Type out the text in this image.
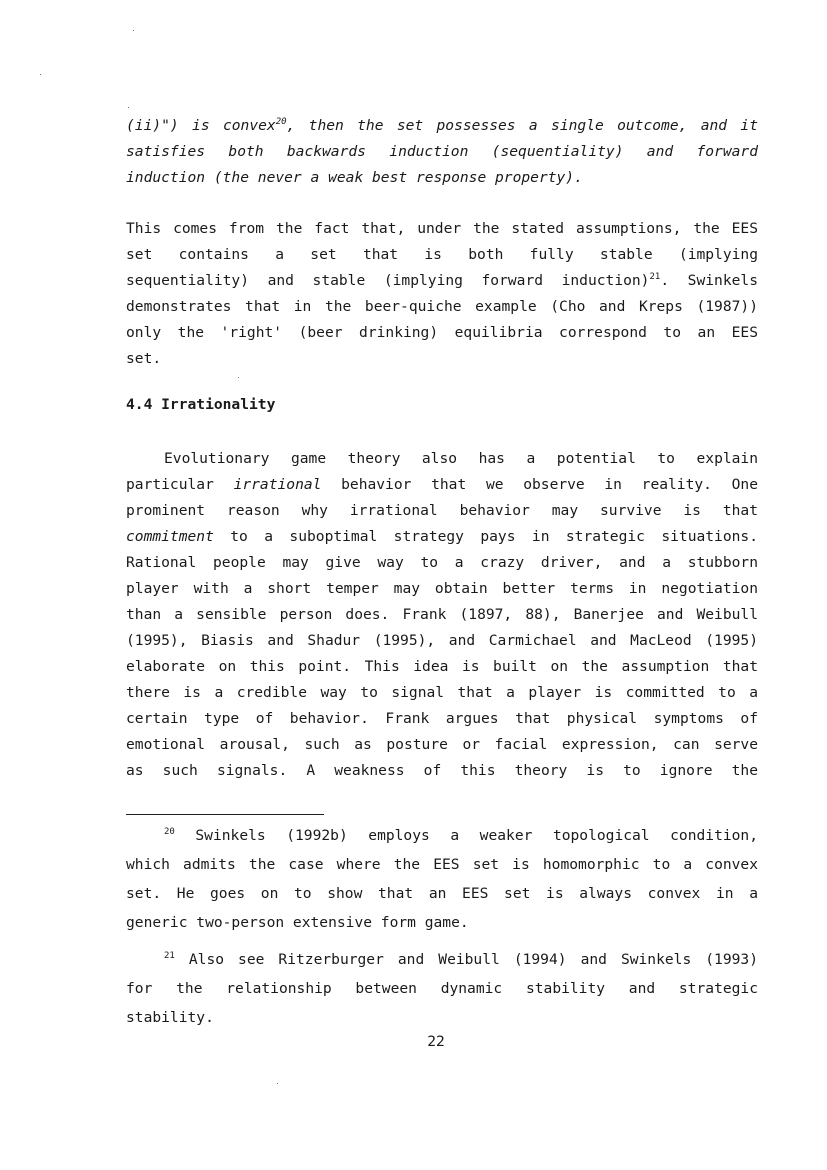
(ii)") is convex$^{20}$, then the set possesses a single outcome, and it
satisfies both backwards induction (sequentiality) and forward
induction (the never a weak best response property).

This comes from the fact that, under the stated assumptions, the EES
set contains a set that is both fully stable (implying
sequentiality) and stable (implying forward induction)$^{21}$. Swinkels
demonstrates that in the beer-quiche example (Cho and Kreps (1987))
only the 'right' (beer drinking) equilibria correspond to an EES
set.

4.4 Irrationality

Evolutionary game theory also has a potential to explain
particular irrational behavior that we observe in reality. One
prominent reason why irrational behavior may survive is that
commitment to a suboptimal strategy pays in strategic situations.
Rational people may give way to a crazy driver, and a stubborn
player with a short temper may obtain better terms in negotiation
than a sensible person does. Frank (1897, 88), Banerjee and Weibull
(1995), Biasis and Shadur (1995), and Carmichael and MacLeod (1995)
elaborate on this point. This idea is built on the assumption that
there is a credible way to signal that a player is committed to a
certain type of behavior. Frank argues that physical symptoms of
emotional arousal, such as posture or facial expression, can serve
as such signals. A weakness of this theory is to ignore the

$^{20}$ Swinkels (1992b) employs a weaker topological condition,
which admits the case where the EES set is homomorphic to a convex
set. He goes on to show that an EES set is always convex in a
generic two-person extensive form game.

$^{21}$ Also see Ritzerburger and Weibull (1994) and Swinkels (1993)
for the relationship between dynamic stability and strategic
stability.

22
